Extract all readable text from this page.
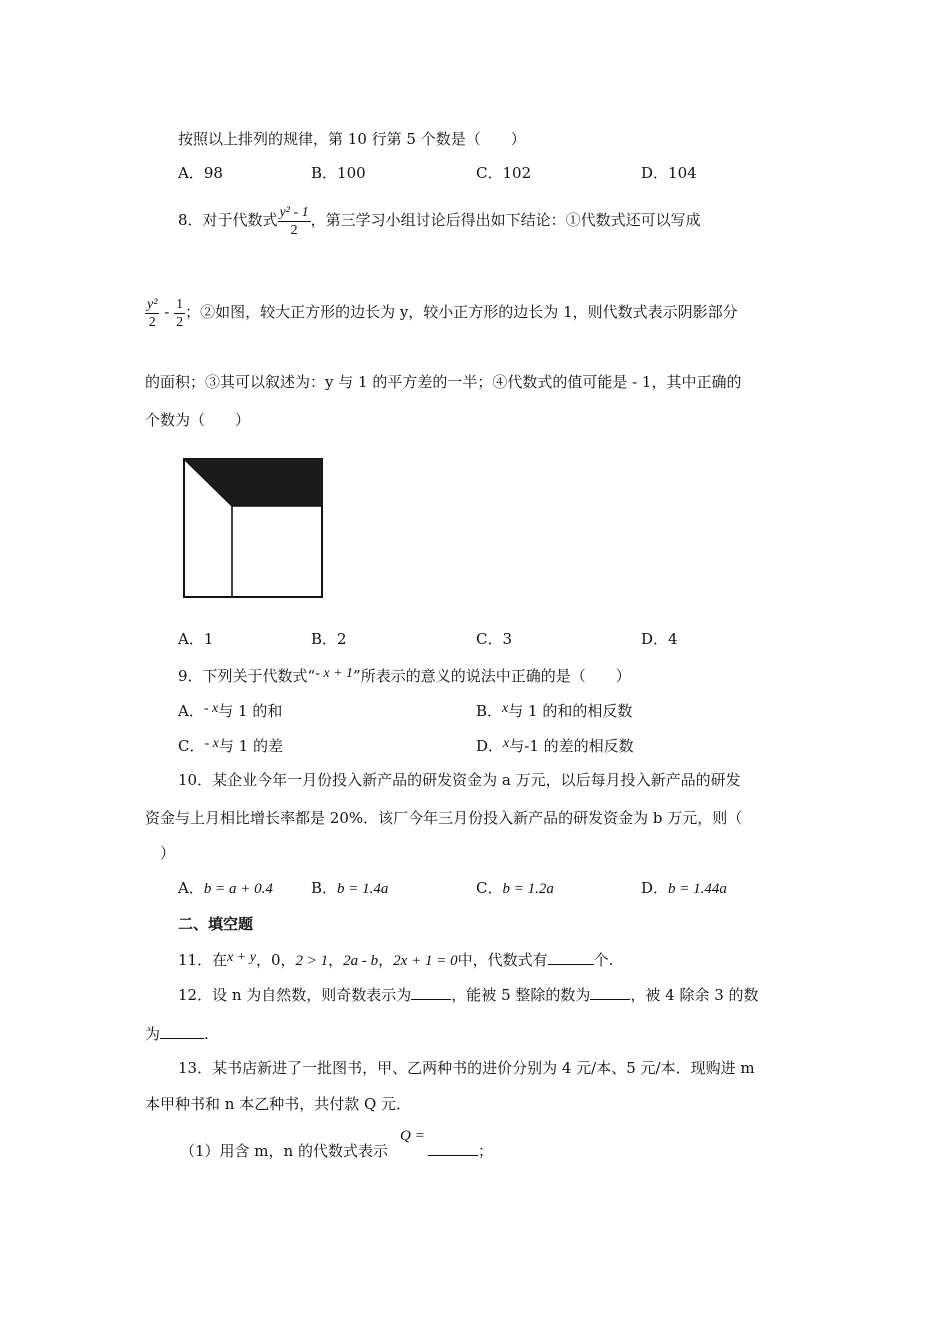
按照以上排列的规律，第 10 行第 5 个数是（　　）
A．98	B．100	C．102	D．104
8．对于代数式 $\frac{\text{y² - 1}}{2}$ ，第三学习小组讨论后得出如下结论：①代数式还可以写成
$\frac{\text{y²}}{2} - \frac{1}{2}$ ；②如图，较大正方形的边长为 y，较小正方形的边长为 1，则代数式表示阴影部分
的面积；③其可以叙述为：y 与 1 的平方差的一半；④代数式的值可能是 - 1，其中正确的
个数为（　　）
A．1	B．2	C．3	D．4
9．下列关于代数式“- x + 1”所表示的意义的说法中正确的是（　　）
A．- x与 1 的和	B．x与 1 的和的相反数
C．- x与 1 的差	D．x与-1 的差的相反数
10．某企业今年一月份投入新产品的研发资金为 a 万元，以后每月投入新产品的研发
资金与上月相比增长率都是 20%．该厂今年三月份投入新产品的研发资金为 b 万元，则（
）
A．b = a + 0.4	B．b = 1.4a	C．b = 1.2a	D．b = 1.44a
二、填空题
11．在x + y，0，2 > 1，2a - b，2x + 1 = 0中，代数式有	个.
12．设 n 为自然数，则奇数表示为	，能被 5 整除的数为	，被 4 除余 3 的数
为	.
13．某书店新进了一批图书，甲、乙两种书的进价分别为 4 元/本、5 元/本．现购进 m
本甲种书和 n 本乙种书，共付款 Q 元．
（1）用含 m，n 的代数式表示
Q =
；
